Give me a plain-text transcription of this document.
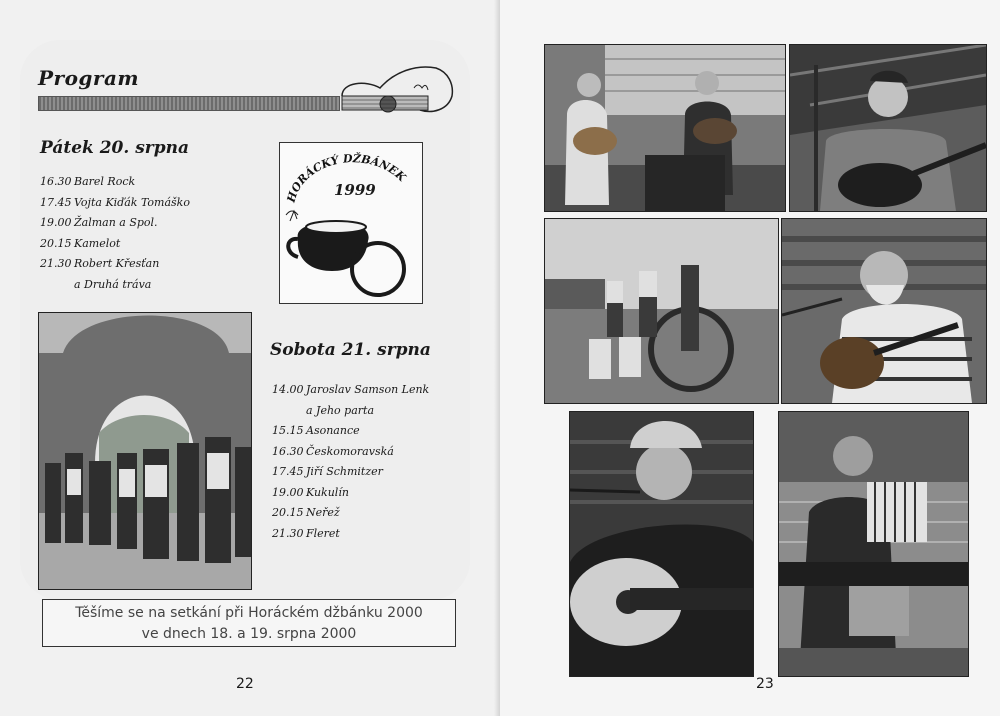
Program
Pátek 20. srpna
16.30 Barel Rock
17.45 Vojta Kiďák Tomáško
19.00 Žalman a Spol.
20.15 Kamelot
21.30 Robert Křesťan
a Druhá tráva
HORÁCKÝ DŽBÁNEK
1999
Sobota 21. srpna
14.00 Jaroslav Samson Lenk
a Jeho parta
15.15 Asonance
16.30 Českomoravská
17.45 Jiří Schmitzer
19.00 Kukulín
20.15 Neřež
21.30 Fleret
Těšíme se na setkání při Horáckém džbánku 2000
ve dnech 18. a 19. srpna 2000
22	23
